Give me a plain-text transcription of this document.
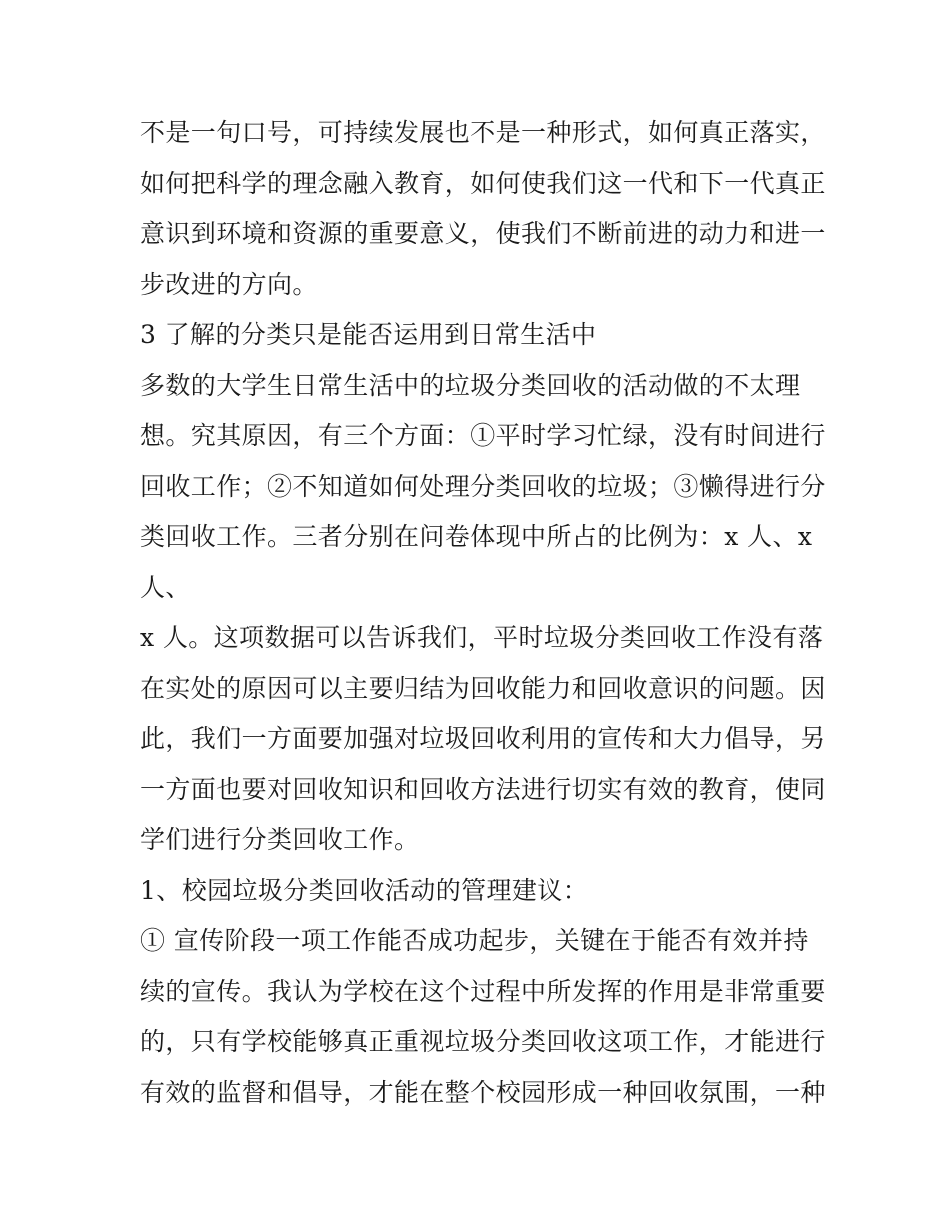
不是一句口号，可持续发展也不是一种形式，如何真正落实，
如何把科学的理念融入教育，如何使我们这一代和下一代真正
意识到环境和资源的重要意义，使我们不断前进的动力和进一
步改进的方向。
3 了解的分类只是能否运用到日常生活中
多数的大学生日常生活中的垃圾分类回收的活动做的不太理
想。究其原因，有三个方面：①平时学习忙绿，没有时间进行
回收工作；②不知道如何处理分类回收的垃圾；③懒得进行分
类回收工作。三者分别在问卷体现中所占的比例为：x 人、x
人、
x 人。这项数据可以告诉我们，平时垃圾分类回收工作没有落
在实处的原因可以主要归结为回收能力和回收意识的问题。因
此，我们一方面要加强对垃圾回收利用的宣传和大力倡导，另
一方面也要对回收知识和回收方法进行切实有效的教育，使同
学们进行分类回收工作。
1、校园垃圾分类回收活动的管理建议：
① 宣传阶段一项工作能否成功起步，关键在于能否有效并持
续的宣传。我认为学校在这个过程中所发挥的作用是非常重要
的，只有学校能够真正重视垃圾分类回收这项工作，才能进行
有效的监督和倡导，才能在整个校园形成一种回收氛围，一种
